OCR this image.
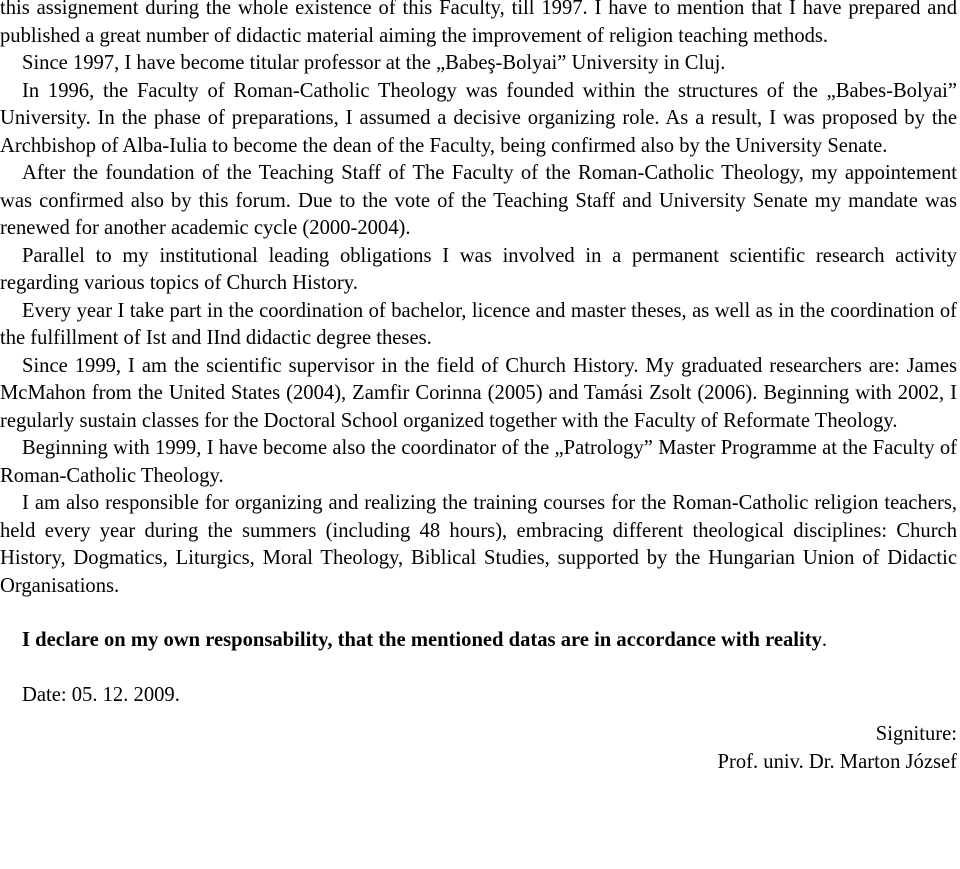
this assignement during the whole existence of this Faculty, till 1997. I have to mention that I have prepared and published a great number of didactic material aiming the improvement of religion teaching methods.

Since 1997, I have become titular professor at the „Babeş-Bolyai” University in Cluj.

In 1996, the Faculty of Roman-Catholic Theology was founded within the structures of the „Babes-Bolyai” University. In the phase of preparations, I assumed a decisive organizing role. As a result, I was proposed by the Archbishop of Alba-Iulia to become the dean of the Faculty, being confirmed also by the University Senate.

After the foundation of the Teaching Staff of The Faculty of the Roman-Catholic Theology, my appointement was confirmed also by this forum. Due to the vote of the Teaching Staff and University Senate my mandate was renewed for another academic cycle (2000-2004).

Parallel to my institutional leading obligations I was involved in a permanent scientific research activity regarding various topics of Church History.

Every year I take part in the coordination of bachelor, licence and master theses, as well as in the coordination of the fulfillment of Ist and IInd didactic degree theses.

Since 1999, I am the scientific supervisor in the field of Church History. My graduated researchers are: James McMahon from the United States (2004), Zamfir Corinna (2005) and Tamási Zsolt (2006). Beginning with 2002, I regularly sustain classes for the Doctoral School organized together with the Faculty of Reformate Theology.

Beginning with 1999, I have become also the coordinator of the „Patrology” Master Programme at the Faculty of Roman-Catholic Theology.

I am also responsible for organizing and realizing the training courses for the Roman-Catholic religion teachers, held every year during the summers (including 48 hours), embracing different theological disciplines: Church History, Dogmatics, Liturgics, Moral Theology, Biblical Studies, supported by the Hungarian Union of Didactic Organisations.

I declare on my own responsability, that the mentioned datas are in accordance with reality.

Date: 05. 12. 2009.
Signiture:
Prof. univ. Dr. Marton József
